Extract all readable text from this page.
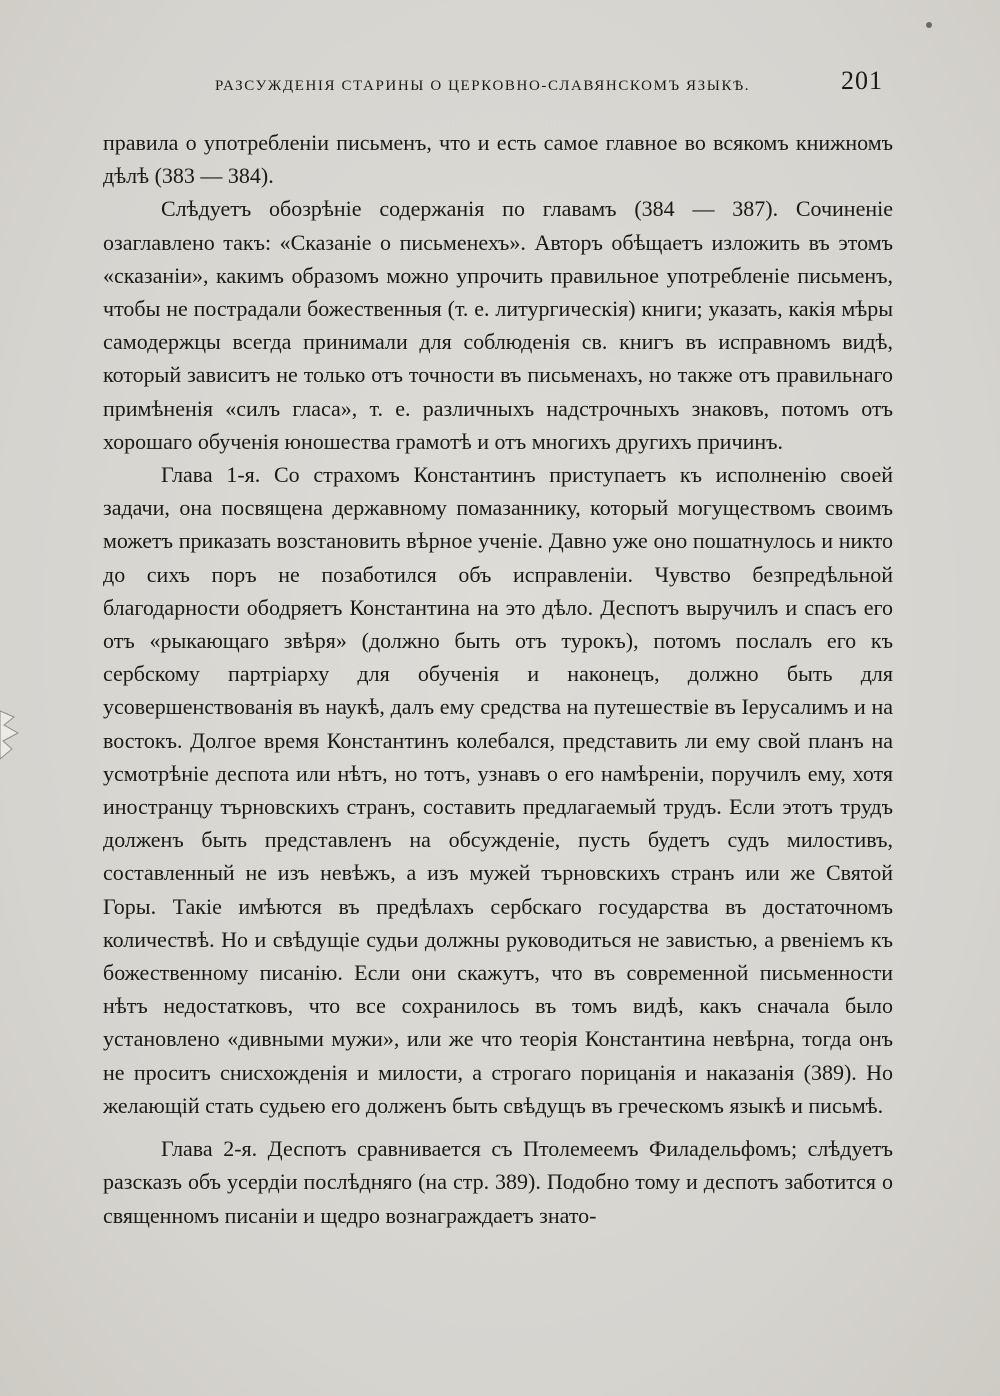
РАЗСУЖДЕНІЯ СТАРИНЫ О ЦЕРКОВНО-СЛАВЯНСКОМЪ ЯЗЫКѢ.	201

правила о употребленіи письменъ, что и есть самое главное во всякомъ книжномъ дѣлѣ (383 — 384).

Слѣдуетъ обозрѣніе содержанія по главамъ (384 — 387). Сочиненіе озаглавлено такъ: «Сказаніе о письменехъ». Авторъ обѣщаетъ изложить въ этомъ «сказаніи», какимъ образомъ можно упрочить правильное употребленіе письменъ, чтобы не пострадали божественныя (т. е. литургическія) книги; указать, какія мѣры самодержцы всегда принимали для соблюденія св. книгъ въ исправномъ видѣ, который зависитъ не только отъ точности въ письменахъ, но также отъ правильнаго примѣненія «силъ гласа», т. е. различныхъ надстрочныхъ знаковъ, потомъ отъ хорошаго обученія юношества грамотѣ и отъ многихъ другихъ причинъ.

Глава 1-я. Со страхомъ Константинъ приступаетъ къ исполненію своей задачи, она посвящена державному помазаннику, который могуществомъ своимъ можетъ приказать возстановить вѣрное ученіе. Давно уже оно пошатнулось и никто до сихъ поръ не позаботился объ исправленіи. Чувство безпредѣльной благодарности ободряетъ Константина на это дѣло. Деспотъ выручилъ и спасъ его отъ «рыкающаго звѣря» (должно быть отъ турокъ), потомъ послалъ его къ сербскому партріарху для обученія и наконецъ, должно быть для усовершенствованія въ наукѣ, далъ ему средства на путешествіе въ Іерусалимъ и на востокъ. Долгое время Константинъ колебался, представить ли ему свой планъ на усмотрѣніе деспота или нѣтъ, но тотъ, узнавъ о его намѣреніи, поручилъ ему, хотя иностранцу търновскихъ странъ, составить предлагаемый трудъ. Если этотъ трудъ долженъ быть представленъ на обсужденіе, пусть будетъ судъ милостивъ, составленный не изъ невѣжъ, а изъ мужей търновскихъ странъ или же Святой Горы. Такіе имѣются въ предѣлахъ сербскаго государства въ достаточномъ количествѣ. Но и свѣдущіе судьи должны руководиться не завистью, а рвеніемъ къ божественному писанію. Если они скажутъ, что въ современной письменности нѣтъ недостатковъ, что все сохранилось въ томъ видѣ, какъ сначала было установлено «дивными мужи», или же что теорія Константина невѣрна, тогда онъ не проситъ снисхожденія и милости, а строгаго порицанія и наказанія (389). Но желающій стать судьею его долженъ быть свѣдущъ въ греческомъ языкѣ и письмѣ.

Глава 2-я. Деспотъ сравнивается съ Птолемеемъ Филадельфомъ; слѣдуетъ разсказъ объ усердіи послѣдняго (на стр. 389). Подобно тому и деспотъ заботится о священномъ писаніи и щедро вознаграждаетъ знато-
